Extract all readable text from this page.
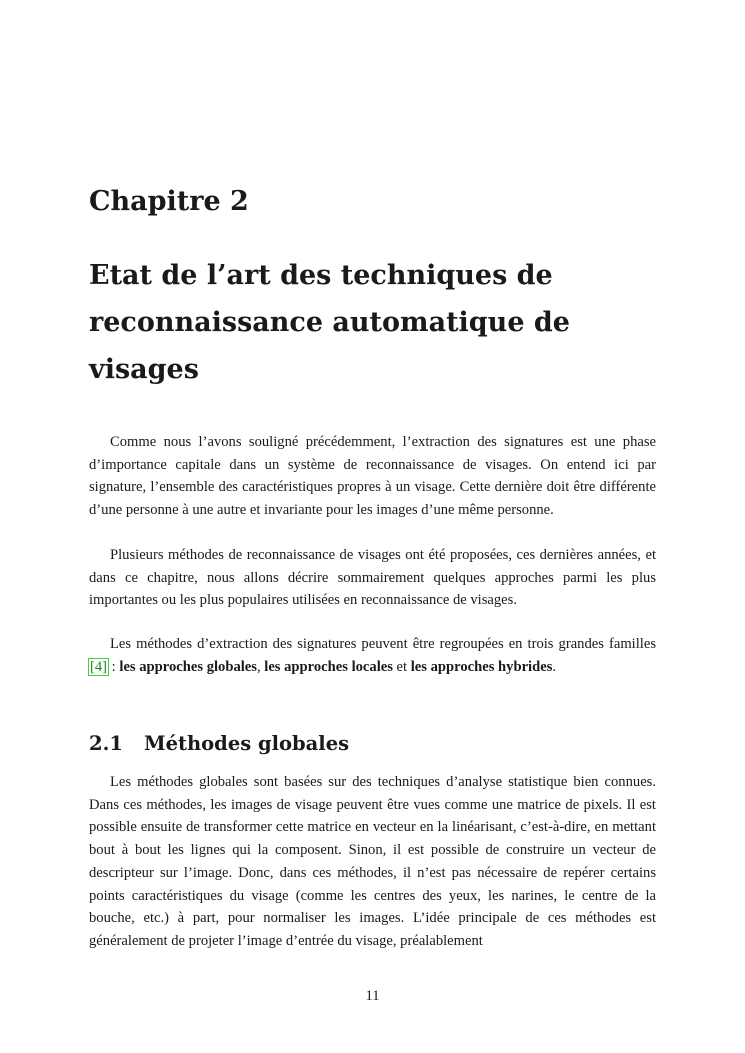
Chapitre 2
Etat de l’art des techniques de reconnaissance automatique de visages

Comme nous l’avons souligné précédemment, l’extraction des signatures est une phase d’importance capitale dans un système de reconnaissance de visages. On entend ici par signature, l’ensemble des caractéristiques propres à un visage. Cette dernière doit être différente d’une personne à une autre et invariante pour les images d’une même personne.

Plusieurs méthodes de reconnaissance de visages ont été proposées, ces dernières années, et dans ce chapitre, nous allons décrire sommairement quelques approches parmi les plus importantes ou les plus populaires utilisées en reconnaissance de visages.

Les méthodes d’extraction des signatures peuvent être regroupées en trois grandes familles [4] : les approches globales, les approches locales et les approches hybrides.

2.1 Méthodes globales

Les méthodes globales sont basées sur des techniques d’analyse statistique bien connues. Dans ces méthodes, les images de visage peuvent être vues comme une matrice de pixels. Il est possible ensuite de transformer cette matrice en vecteur en la linéarisant, c’est-à-dire, en mettant bout à bout les lignes qui la composent. Sinon, il est possible de construire un vecteur de descripteur sur l’image. Donc, dans ces méthodes, il n’est pas nécessaire de repérer certains points caractéristiques du visage (comme les centres des yeux, les narines, le centre de la bouche, etc.) à part, pour normaliser les images. L’idée principale de ces méthodes est généralement de projeter l’image d’entrée du visage, préalablement

11
